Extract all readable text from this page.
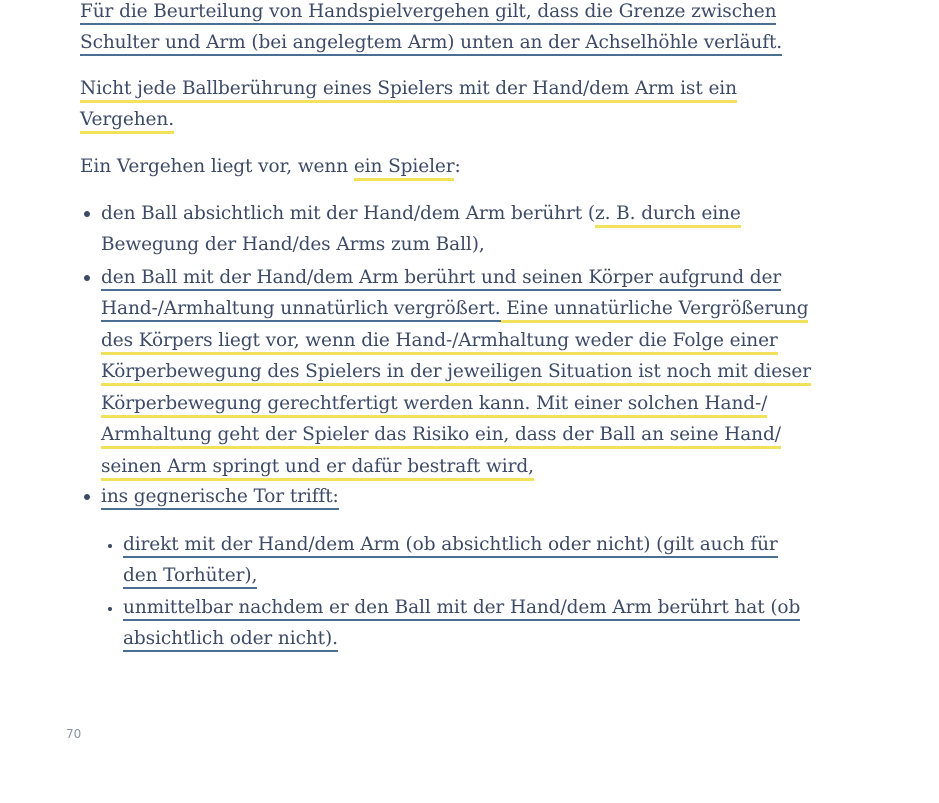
Für die Beurteilung von Handspielvergehen gilt, dass die Grenze zwischen
Schulter und Arm (bei angelegtem Arm) unten an der Achselhöhle verläuft.
Nicht jede Ballberührung eines Spielers mit der Hand/dem Arm ist ein
Vergehen.
Ein Vergehen liegt vor, wenn ein Spieler:
den Ball absichtlich mit der Hand/dem Arm berührt (z. B. durch eine
Bewegung der Hand/des Arms zum Ball),
den Ball mit der Hand/dem Arm berührt und seinen Körper aufgrund der
Hand-/Armhaltung unnatürlich vergrößert. Eine unnatürliche Vergrößerung
des Körpers liegt vor, wenn die Hand-/Armhaltung weder die Folge einer
Körperbewegung des Spielers in der jeweiligen Situation ist noch mit dieser
Körperbewegung gerechtfertigt werden kann. Mit einer solchen Hand-/
Armhaltung geht der Spieler das Risiko ein, dass der Ball an seine Hand/
seinen Arm springt und er dafür bestraft wird,
ins gegnerische Tor trifft:
direkt mit der Hand/dem Arm (ob absichtlich oder nicht) (gilt auch für
den Torhüter),
unmittelbar nachdem er den Ball mit der Hand/dem Arm berührt hat (ob
absichtlich oder nicht).
70
